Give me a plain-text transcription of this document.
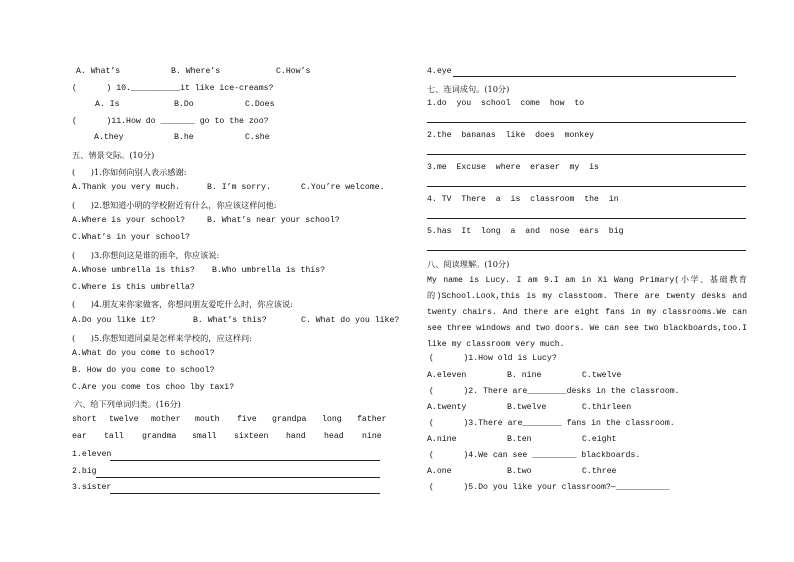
A. What’s	B. Where’s	C.How’s
(      ) 10.__________it like ice-creams?
A. Is	B.Do	C.Does
(      )11.How do _______ go to the zoo?
A.they	B.he	C.she
五、情景交际。(10分)
(      )1.你如何向别人表示感谢:
A.Thank you very much.	B. I’m sorry.	C.You’re welcome.
(      )2.想知道小明的学校附近有什么，你应该这样问他:
A.Where is your school?	B. What’s near your school?
C.What’s in your school?
(      )3.你想问这是谁的雨伞，你应该说:
A.Whose umbrella is this? B.Who umbrella is this?
C.Where is this umbrella?
(      )4.朋友来你家做客，你想问朋友爱吃什么时，你应该说:
A.Do you like it?	B. What’s this?	C. What do you like?
(      )5.你想知道同桌是怎样来学校的，应这样问:
A.What do you come to school?
B. How do you come to school?
C.Are you come tos choo lby taxi?
六、给下列单词归类。(16分)
short twelve mother mouth five grandpa long father
ear tall grandma small sixteen hand head nine
1.eleven
2.big
3.sister
4.eye
七、连词成句。(10分)
1.do  you  school  come  how  to
2.the  bananas  like  does  monkey
3.me  Excuse  where  eraser  my  is
4. TV  There  a  is  classroom  the  in
5.has  It  long  a  and  nose  ears  big
八、阅读理解。(10分)
My name is Lucy. I am 9.I am in Xi Wang Primary(小学、基础教育的)School.Look,this is my classtoom. There are twenty desks and twenty chairs. And there are eight fans in my classrooms.We can see three windows and two doors. We can see two blackboards,too.I like my classroom very much.
(      )1.How old is Lucy?
A.eleven	B. nine	C.twelve
(      )2. There are________desks in the classroom.
A.twenty	B.twelve	C.thirleen
(      )3.There are________ fans in the classroom.
A.nine	B.ten	C.eight
(      )4.We can see _________ blackboards.
A.one	B.two	C.three
(      )5.Do you like your classroom?—___________
